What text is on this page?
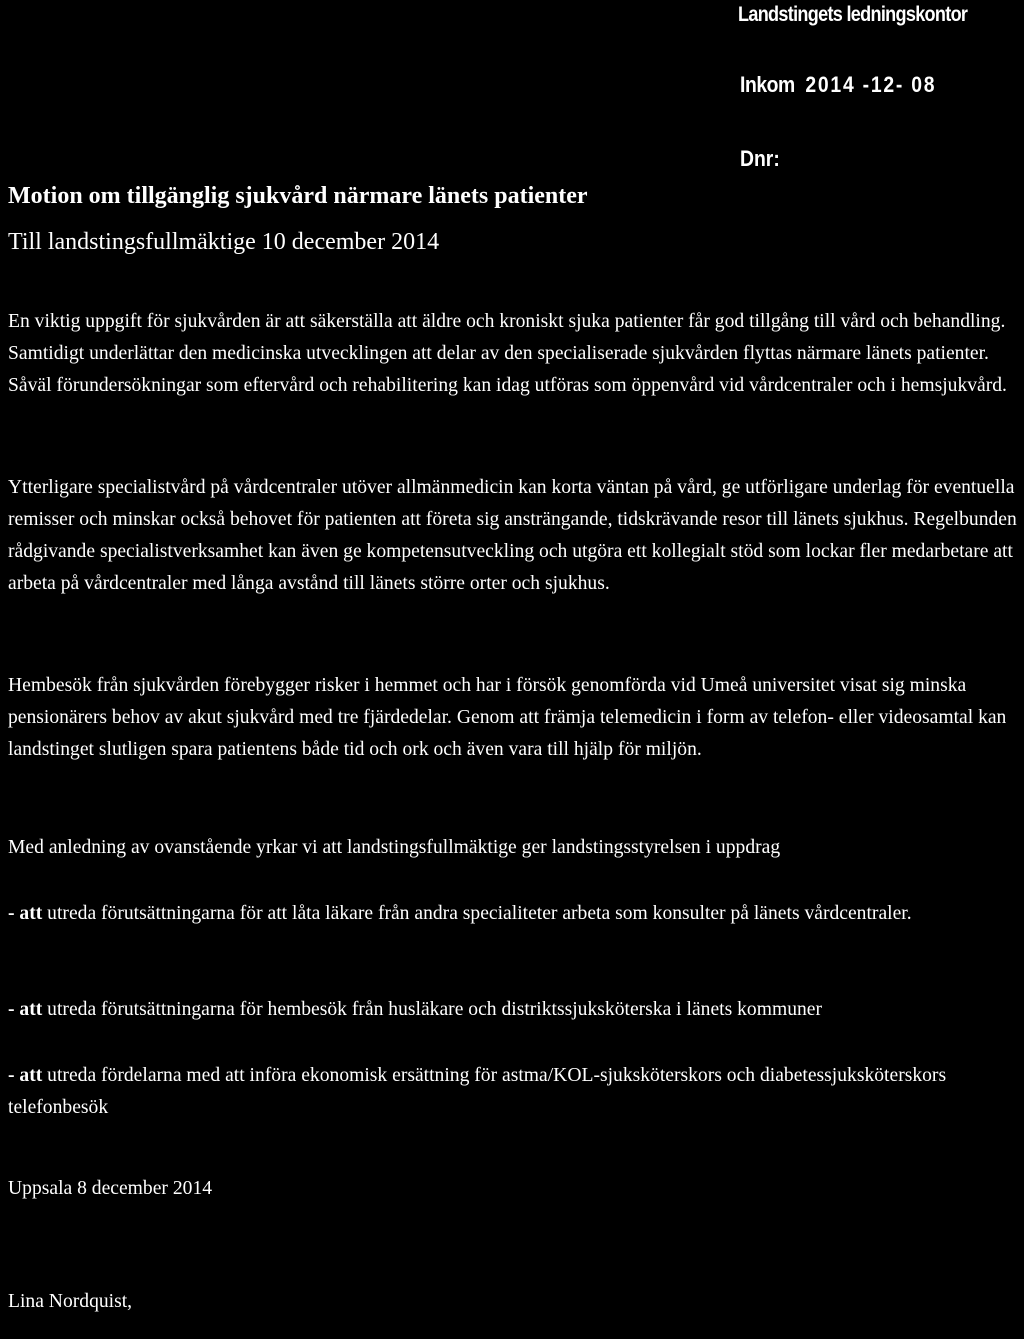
Landstingets ledningskontor
Inkom 2014 -12- 08
Dnr:
Motion om tillgänglig sjukvård närmare länets patienter
Till landstingsfullmäktige 10 december 2014

En viktig uppgift för sjukvården är att säkerställa att äldre och kroniskt sjuka patienter får god tillgång till vård och behandling. Samtidigt underlättar den medicinska utvecklingen att delar av den specialiserade sjukvården flyttas närmare länets patienter. Såväl förundersökningar som eftervård och rehabilitering kan idag utföras som öppenvård vid vårdcentraler och i hemsjukvård.

Ytterligare specialistvård på vårdcentraler utöver allmänmedicin kan korta väntan på vård, ge utförligare underlag för eventuella remisser och minskar också behovet för patienten att företa sig ansträngande, tidskrävande resor till länets sjukhus. Regelbunden rådgivande specialistverksamhet kan även ge kompetensutveckling och utgöra ett kollegialt stöd som lockar fler medarbetare att arbeta på vårdcentraler med långa avstånd till länets större orter och sjukhus.

Hembesök från sjukvården förebygger risker i hemmet och har i försök genomförda vid Umeå universitet visat sig minska pensionärers behov av akut sjukvård med tre fjärdedelar. Genom att främja telemedicin i form av telefon- eller videosamtal kan landstinget slutligen spara patientens både tid och ork och även vara till hjälp för miljön.

Med anledning av ovanstående yrkar vi att landstingsfullmäktige ger landstingsstyrelsen i uppdrag

- att utreda förutsättningarna för att låta läkare från andra specialiteter arbeta som konsulter på länets vårdcentraler.

- att utreda förutsättningarna för hembesök från husläkare och distriktssjuksköterska i länets kommuner

- att utreda fördelarna med att införa ekonomisk ersättning för astma/KOL-sjuksköterskors och diabetessjuksköterskors telefonbesök

Uppsala 8 december 2014

Lina Nordquist,
